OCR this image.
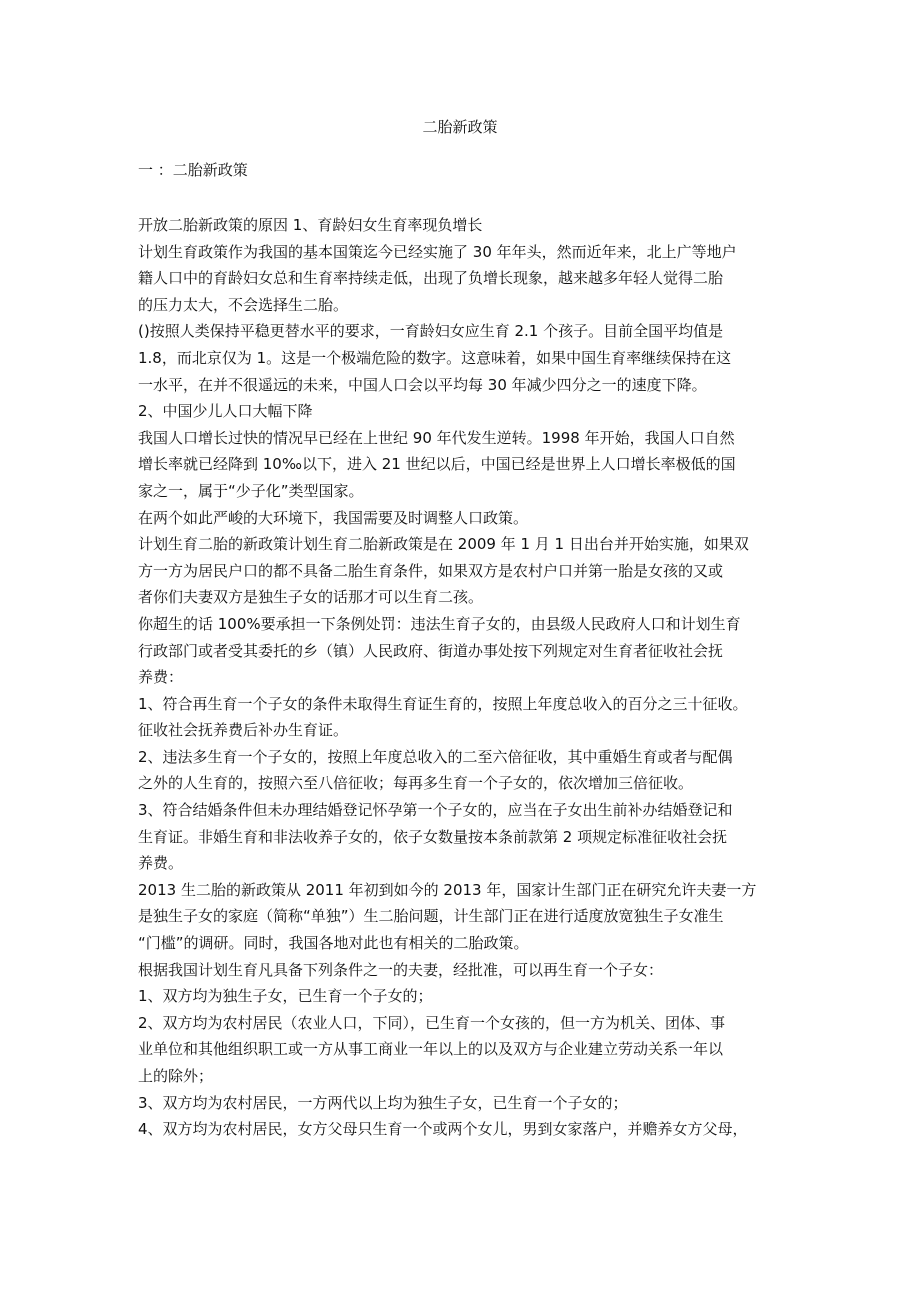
二胎新政策
一 ：二胎新政策
开放二胎新政策的原因 1、育龄妇女生育率现负增长
计划生育政策作为我国的基本国策迄今已经实施了 30 年年头，然而近年来，北上广等地户
籍人口中的育龄妇女总和生育率持续走低，出现了负增长现象，越来越多年轻人觉得二胎
的压力太大，不会选择生二胎。
()按照人类保持平稳更替水平的要求，一育龄妇女应生育 2.1 个孩子。目前全国平均值是
1.8，而北京仅为 1。这是一个极端危险的数字。这意味着，如果中国生育率继续保持在这
一水平，在并不很遥远的未来，中国人口会以平均每 30 年减少四分之一的速度下降。
2、中国少儿人口大幅下降
我国人口增长过快的情况早已经在上世纪 90 年代发生逆转。1998 年开始，我国人口自然
增长率就已经降到 10‰以下，进入 21 世纪以后，中国已经是世界上人口增长率极低的国
家之一，属于“少子化”类型国家。
在两个如此严峻的大环境下，我国需要及时调整人口政策。
计划生育二胎的新政策计划生育二胎新政策是在 2009 年 1 月 1 日出台并开始实施，如果双
方一方为居民户口的都不具备二胎生育条件，如果双方是农村户口并第一胎是女孩的又或
者你们夫妻双方是独生子女的话那才可以生育二孩。
你超生的话 100%要承担一下条例处罚：违法生育子女的，由县级人民政府人口和计划生育
行政部门或者受其委托的乡（镇）人民政府、街道办事处按下列规定对生育者征收社会抚
养费：
1、符合再生育一个子女的条件未取得生育证生育的，按照上年度总收入的百分之三十征收。
征收社会抚养费后补办生育证。
2、违法多生育一个子女的，按照上年度总收入的二至六倍征收，其中重婚生育或者与配偶
之外的人生育的，按照六至八倍征收；每再多生育一个子女的，依次增加三倍征收。
3、符合结婚条件但未办理结婚登记怀孕第一个子女的，应当在子女出生前补办结婚登记和
生育证。非婚生育和非法收养子女的，依子女数量按本条前款第 2 项规定标准征收社会抚
养费。
2013 生二胎的新政策从 2011 年初到如今的 2013 年，国家计生部门正在研究允许夫妻一方
是独生子女的家庭（简称“单独”）生二胎问题，计生部门正在进行适度放宽独生子女准生
“门槛”的调研。同时，我国各地对此也有相关的二胎政策。
根据我国计划生育凡具备下列条件之一的夫妻，经批准，可以再生育一个子女：
1、双方均为独生子女，已生育一个子女的；
2、双方均为农村居民（农业人口，下同），已生育一个女孩的，但一方为机关、团体、事
业单位和其他组织职工或一方从事工商业一年以上的以及双方与企业建立劳动关系一年以
上的除外；
3、双方均为农村居民，一方两代以上均为独生子女，已生育一个子女的；
4、双方均为农村居民，女方父母只生育一个或两个女儿，男到女家落户，并赡养女方父母，
